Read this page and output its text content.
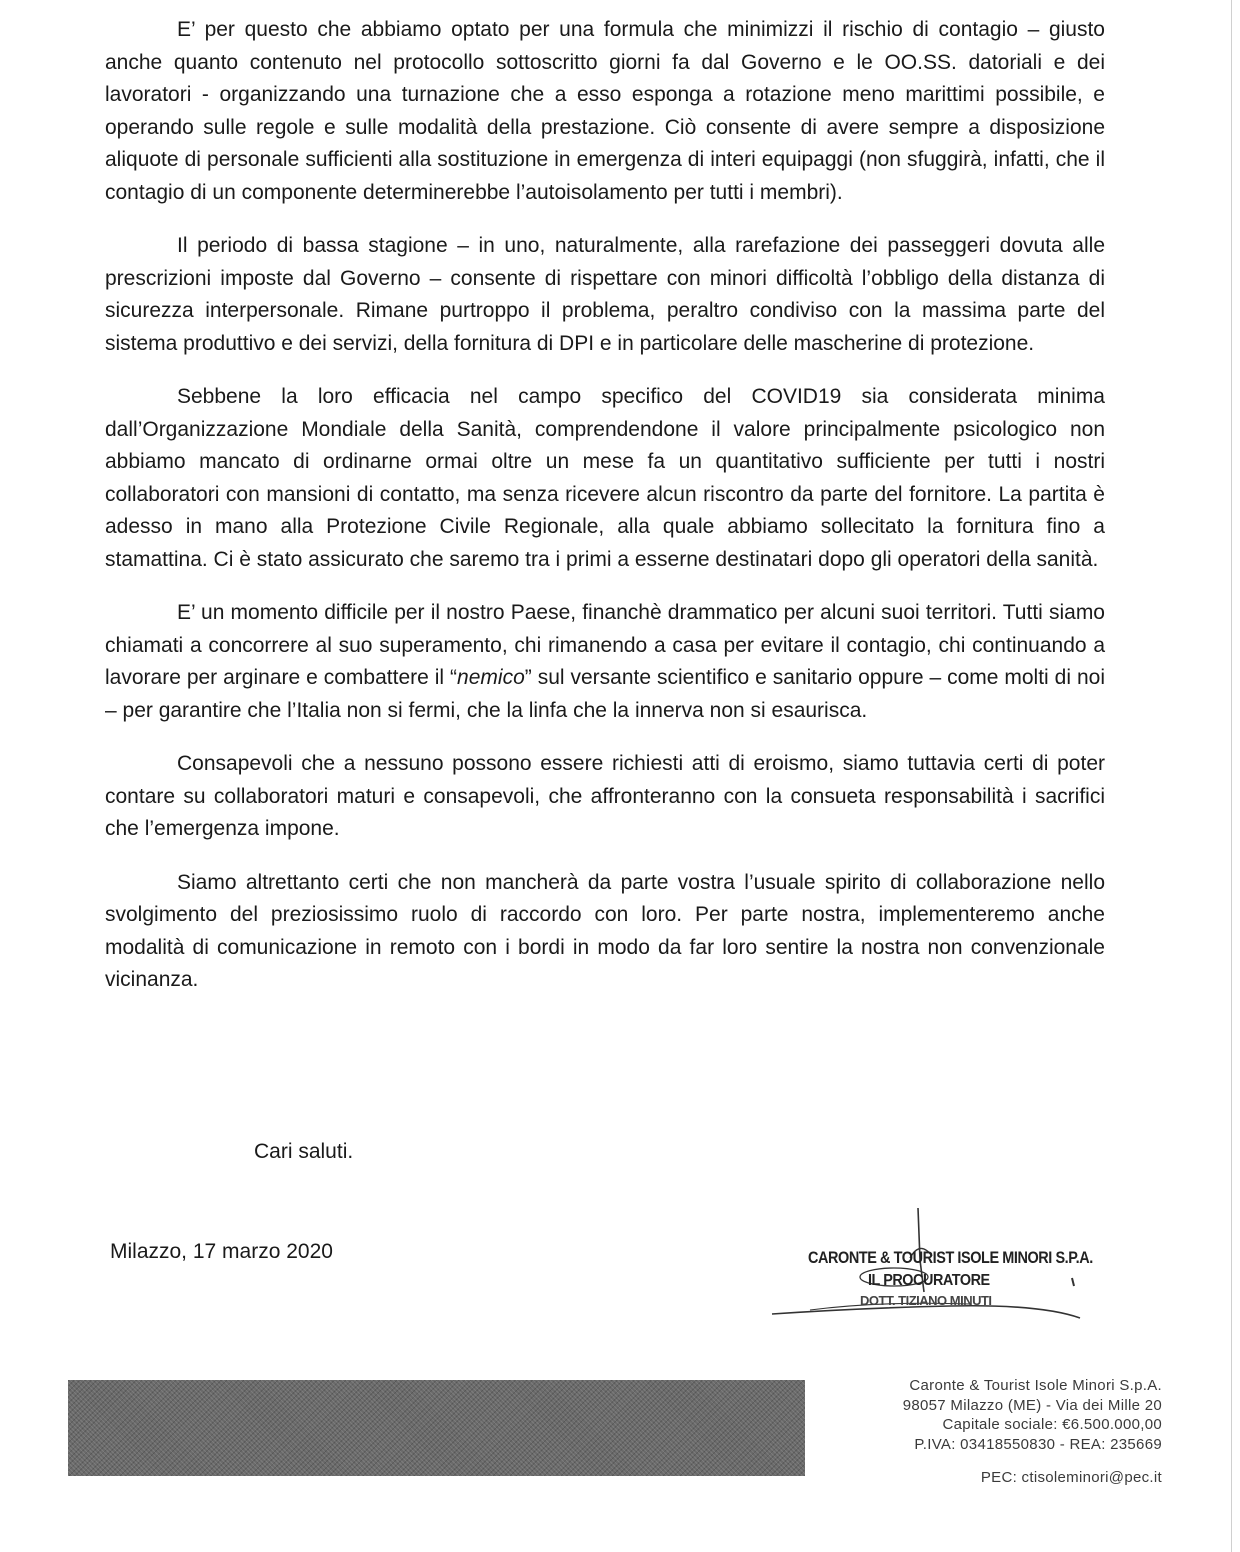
E’ per questo che abbiamo optato per una formula che minimizzi il rischio di contagio – giusto anche quanto contenuto nel protocollo sottoscritto giorni fa dal Governo e le OO.SS. datoriali e dei lavoratori - organizzando una turnazione che a esso esponga a rotazione meno marittimi possibile, e operando sulle regole e sulle modalità della prestazione. Ciò consente di avere sempre a disposizione aliquote di personale sufficienti alla sostituzione in emergenza di interi equipaggi (non sfuggirà, infatti, che il contagio di un componente determinerebbe l’autoisolamento per tutti i membri).

Il periodo di bassa stagione – in uno, naturalmente, alla rarefazione dei passeggeri dovuta alle prescrizioni imposte dal Governo – consente di rispettare con minori difficoltà l’obbligo della distanza di sicurezza interpersonale. Rimane purtroppo il problema, peraltro condiviso con la massima parte del sistema produttivo e dei servizi, della fornitura di DPI e in particolare delle mascherine di protezione.

Sebbene la loro efficacia nel campo specifico del COVID19 sia considerata minima dall’Organizzazione Mondiale della Sanità, comprendendone il valore principalmente psicologico non abbiamo mancato di ordinarne ormai oltre un mese fa un quantitativo sufficiente per tutti i nostri collaboratori con mansioni di contatto, ma senza ricevere alcun riscontro da parte del fornitore. La partita è adesso in mano alla Protezione Civile Regionale, alla quale abbiamo sollecitato la fornitura fino a stamattina. Ci è stato assicurato che saremo tra i primi a esserne destinatari dopo gli operatori della sanità.

E’ un momento difficile per il nostro Paese, financhè drammatico per alcuni suoi territori. Tutti siamo chiamati a concorrere al suo superamento, chi rimanendo a casa per evitare il contagio, chi continuando a lavorare per arginare e combattere il “nemico” sul versante scientifico e sanitario oppure – come molti di noi – per garantire che l’Italia non si fermi, che la linfa che la innerva non si esaurisca.

Consapevoli che a nessuno possono essere richiesti atti di eroismo, siamo tuttavia certi di poter contare su collaboratori maturi e consapevoli, che affronteranno con la consueta responsabilità i sacrifici che l’emergenza impone.

Siamo altrettanto certi che non mancherà da parte vostra l’usuale spirito di collaborazione nello svolgimento del preziosissimo ruolo di raccordo con loro. Per parte nostra, implementeremo anche modalità di comunicazione in remoto con i bordi in modo da far loro sentire la nostra non convenzionale vicinanza.

Cari saluti.

Milazzo, 17 marzo 2020	CARONTE & TOURIST ISOLE MINORI S.P.A.
IL PROCURATORE
DOTT. TIZIANO MINUTI

Caronte & Tourist Isole Minori S.p.A.

98057 Milazzo (ME) - Via dei Mille 20

Capitale sociale: €6.500.000,00

P.IVA: 03418550830 - REA: 235669

PEC: ctisoleminori@pec.it
